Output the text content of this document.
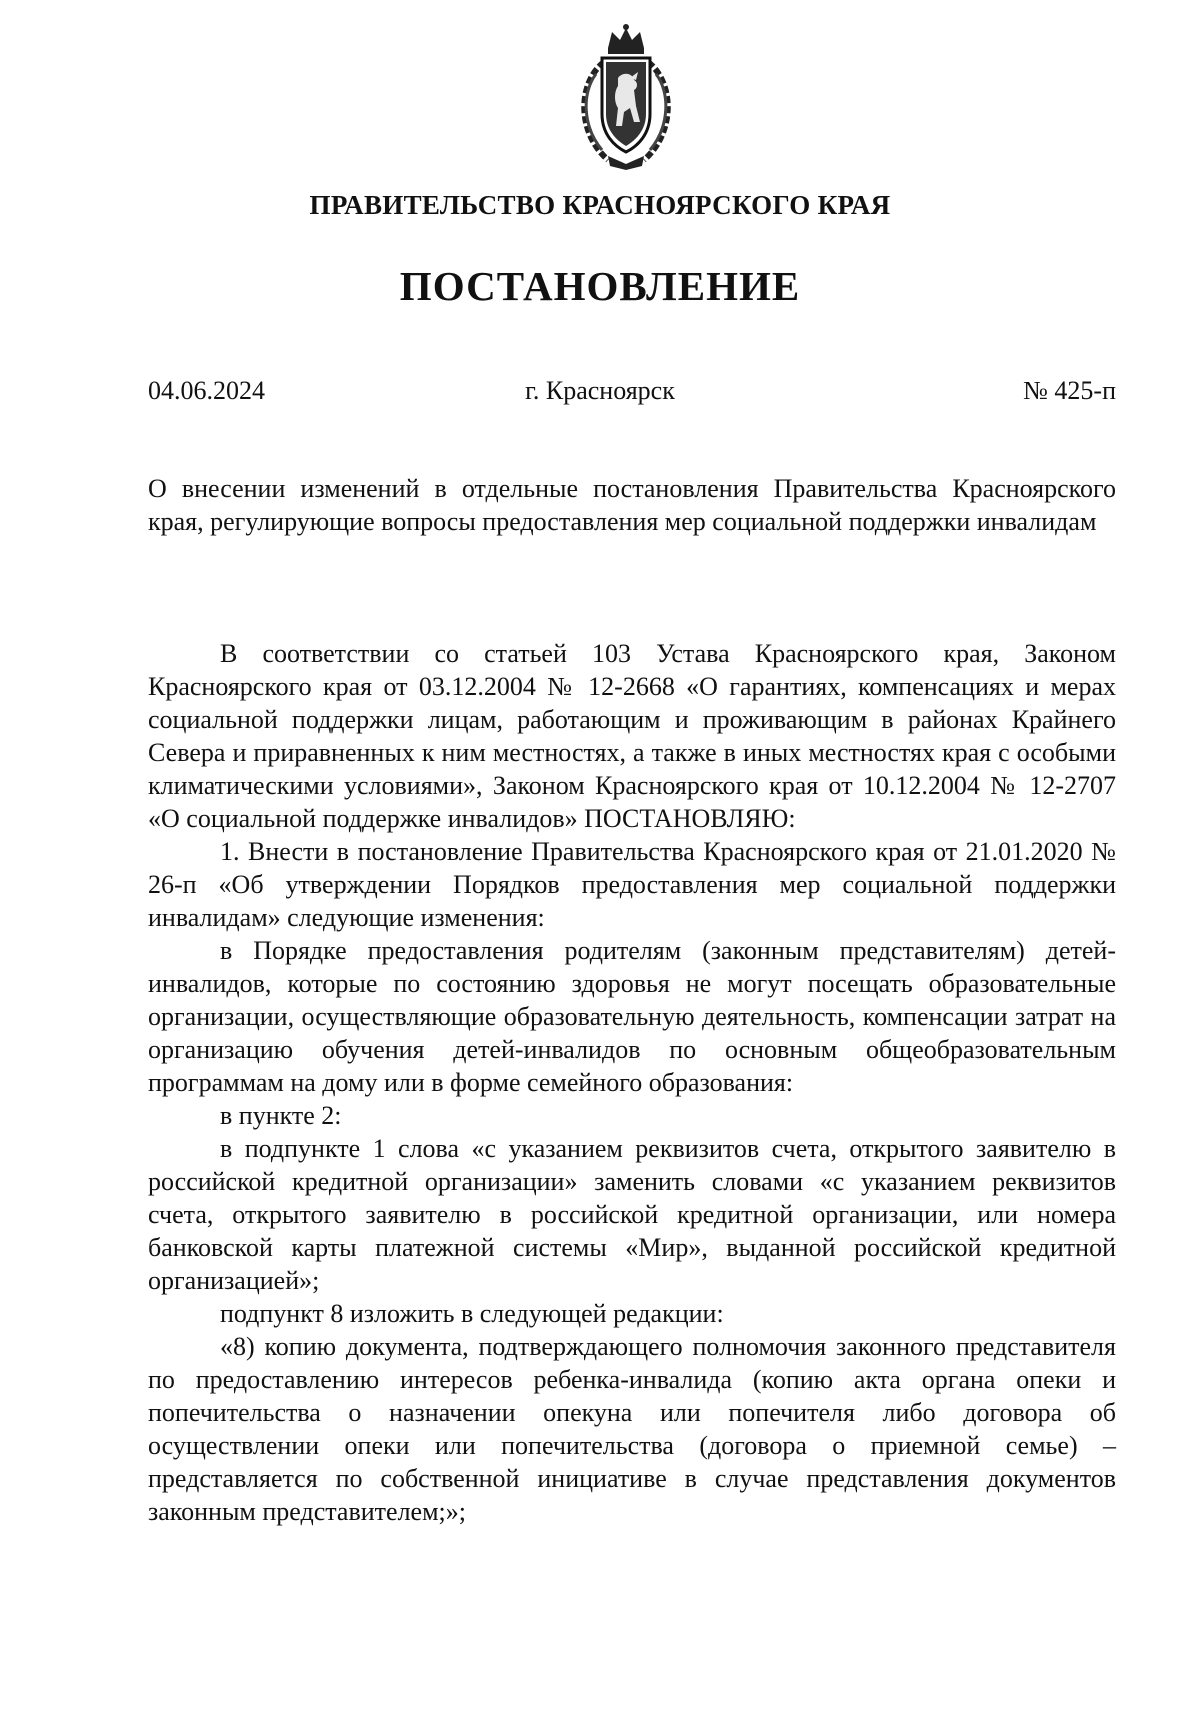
ПРАВИТЕЛЬСТВО КРАСНОЯРСКОГО КРАЯ
ПОСТАНОВЛЕНИЕ
04.06.2024	г. Красноярск	№ 425-п
О внесении изменений в отдельные постановления Правительства Красноярского края, регулирующие вопросы предоставления мер социальной поддержки инвалидам

В соответствии со статьей 103 Устава Красноярского края, Законом Красноярского края от 03.12.2004 № 12-2668 «О гарантиях, компенсациях и мерах социальной поддержки лицам, работающим и проживающим в районах Крайнего Севера и приравненных к ним местностях, а также в иных местностях края с особыми климатическими условиями», Законом Красноярского края от 10.12.2004 № 12-2707 «О социальной поддержке инвалидов» ПОСТАНОВЛЯЮ:

1. Внести в постановление Правительства Красноярского края от 21.01.2020 № 26-п «Об утверждении Порядков предоставления мер социальной поддержки инвалидам» следующие изменения:

в Порядке предоставления родителям (законным представителям) детей-инвалидов, которые по состоянию здоровья не могут посещать образовательные организации, осуществляющие образовательную деятельность, компенсации затрат на организацию обучения детей-инвалидов по основным общеобразовательным программам на дому или в форме семейного образования:

в пункте 2:

в подпункте 1 слова «с указанием реквизитов счета, открытого заявителю в российской кредитной организации» заменить словами «с указанием реквизитов счета, открытого заявителю в российской кредитной организации, или номера банковской карты платежной системы «Мир», выданной российской кредитной организацией»;

подпункт 8 изложить в следующей редакции:

«8) копию документа, подтверждающего полномочия законного представителя по предоставлению интересов ребенка-инвалида (копию акта органа опеки и попечительства о назначении опекуна или попечителя либо договора об осуществлении опеки или попечительства (договора о приемной семье) – представляется по собственной инициативе в случае представления документов законным представителем;»;
